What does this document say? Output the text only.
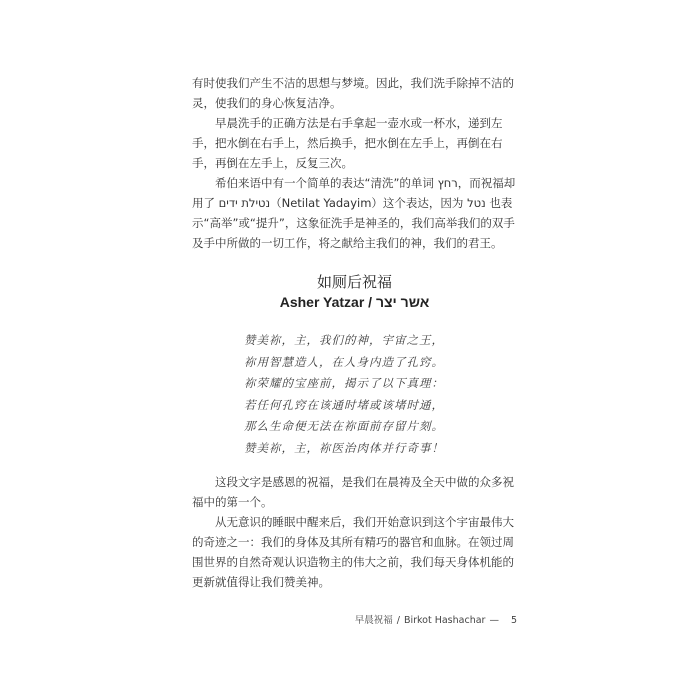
有时使我们产生不洁的思想与梦境。因此，我们洗手除掉不洁的灵，使我们的身心恢复洁净。

早晨洗手的正确方法是右手拿起一壶水或一杯水，递到左手，把水倒在右手上，然后换手，把水倒在左手上，再倒在右手，再倒在左手上，反复三次。

希伯来语中有一个简单的表达“清洗”的单词 רחץ，而祝福却用了 נטילת ידים（Netilat Yadayim）这个表达，因为 נטל 也表示“高举”或“提升”，这象征洗手是神圣的，我们高举我们的双手及手中所做的一切工作，将之献给主我们的神，我们的君王。

如厕后祝福
Asher Yatzar / אשר יצר
赞美祢，主，我们的神，宇宙之王，
祢用智慧造人，在人身内造了孔窍。
祢荣耀的宝座前，揭示了以下真理：
若任何孔窍在该通时堵或该堵时通，
那么生命便无法在祢面前存留片刻。
赞美祢，主，祢医治肉体并行奇事！

这段文字是感恩的祝福，是我们在晨祷及全天中做的众多祝福中的第一个。

从无意识的睡眠中醒来后，我们开始意识到这个宇宙最伟大的奇迹之一：我们的身体及其所有精巧的器官和血脉。在领过周围世界的自然奇观认识造物主的伟大之前，我们每天身体机能的更新就值得让我们赞美神。

早晨祝福 / Birkot Hashachar — 5
